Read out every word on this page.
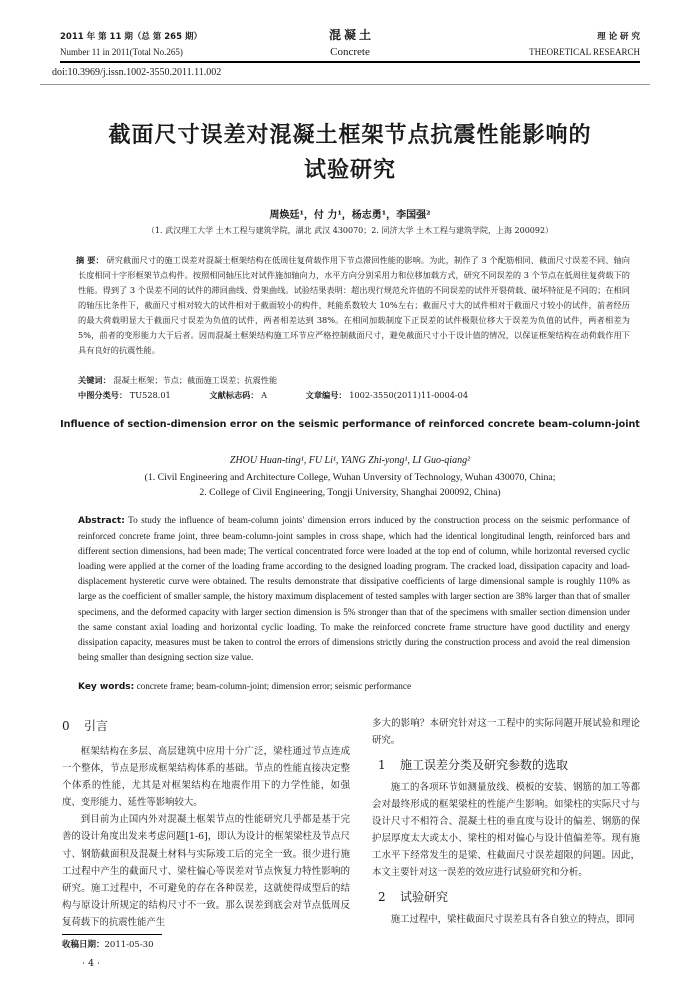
2011 年 第 11 期（总 第 265 期）
Number 11 in 2011(Total No.265)
混 凝 土
Concrete
理 论 研 究
THEORETICAL RESEARCH
doi:10.3969/j.issn.1002-3550.2011.11.002
截面尺寸误差对混凝土框架节点抗震性能影响的
试验研究
周焕廷¹，付 力¹，杨志勇¹，李国强²
（1. 武汉理工大学 土木工程与建筑学院，湖北 武汉 430070；2. 同济大学 土木工程与建筑学院，上海 200092）
摘 要： 研究截面尺寸的施工误差对混凝土框架结构在低周往复荷载作用下节点滞回性能的影响。为此，制作了 3 个配筋相同、截面尺寸误差不同、轴向长度相同十字形框架节点构件。按照相同轴压比对试件施加轴向力，水平方向分别采用力和位移加载方式，研究不同误差的 3 个节点在低周往复荷载下的性能。得到了 3 个误差不同的试件的滞回曲线、骨架曲线。试验结果表明：超出现行规范允许值的不同误差的试件开裂荷载、破坏特征是不同的；在相同的轴压比条件下，截面尺寸相对较大的试件相对于截面较小的构件，耗能系数较大 10%左右；截面尺寸大的试件相对于截面尺寸较小的试件，前者经历的最大荷载明显大于截面尺寸误差为负值的试件，两者相差达到 38%。在相同加载制度下正误差的试件极限位移大于误差为负值的试件，两者相差为 5%，前者的变形能力大于后者。因而混凝土框架结构施工环节应严格控制截面尺寸，避免截面尺寸小于设计值的情况，以保证框架结构在动荷载作用下具有良好的抗震性能。
关键词： 混凝土框架；节点；截面施工误差；抗震性能
中图分类号： TU528.01	文献标志码： A	文章编号： 1002-3550(2011)11-0004-04
Influence of section-dimension error on the seismic performance of reinforced concrete beam-column-joint
ZHOU Huan-ting¹, FU Li¹, YANG Zhi-yong¹, LI Guo-qiang²
(1. Civil Engineering and Architecture College, Wuhan Unversity of Technology, Wuhan 430070, China;
2. College of Civil Engineering, Tongji University, Shanghai 200092, China)
Abstract: To study the influence of beam-column joints' dimension errors induced by the construction process on the seismic performance of reinforced concrete frame joint, three beam-column-joint samples in cross shape, which had the identical longitudinal length, reinforced bars and different section dimensions, had been made; The vertical concentrated force were loaded at the top end of column, while horizontal reversed cyclic loading were applied at the corner of the loading frame according to the designed loading program. The cracked load, dissipation capacity and load-displacement hysteretic curve were obtained. The results demonstrate that dissipative coefficients of large dimensional sample is roughly 110% as large as the coefficient of smaller sample, the history maximum displacement of tested samples with larger section are 38% larger than that of smaller specimens, and the deformed capacity with larger section dimension is 5% stronger than that of the specimens with smaller section dimension under the same constant axial loading and horizontal cyclic loading. To make the reinforced concrete frame structure have good ductility and energy dissipation capacity, measures must be taken to control the errors of dimensions strictly during the construction process and avoid the real dimension being smaller than designing section size value.
Key words: concrete frame; beam-column-joint; dimension error; seismic performance
0 引言

框架结构在多层、高层建筑中应用十分广泛，梁柱通过节点连成一个整体，节点是形成框架结构体系的基础。节点的性能直接决定整个体系的性能，尤其是对框架结构在地震作用下的力学性能，如强度、变形能力、延性等影响较大。

到目前为止国内外对混凝土框架节点的性能研究几乎都是基于完善的设计角度出发来考虑问题[1-6]，即认为设计的框架梁柱及节点尺寸、钢筋截面积及混凝土材料与实际竣工后的完全一致。很少进行施工过程中产生的截面尺寸、梁柱偏心等误差对节点恢复力特性影响的研究。施工过程中，不可避免的存在各种误差，这就使得成型后的结构与原设计所规定的结构尺寸不一致。那么误差到底会对节点低周反复荷载下的抗震性能产生

收稿日期：2011-05-30
· 4 ·

多大的影响？本研究针对这一工程中的实际问题开展试验和理论研究。

1 施工误差分类及研究参数的选取

施工的各项环节如测量放线、模板的安装、钢筋的加工等都会对最终形成的框架梁柱的性能产生影响。如梁柱的实际尺寸与设计尺寸不相符合、混凝土柱的垂直度与设计的偏差、钢筋的保护层厚度太大或太小、梁柱的相对偏心与设计值偏差等。现有施工水平下经常发生的是梁、柱截面尺寸误差超限的问题。因此，本文主要针对这一误差的效应进行试验研究和分析。

2 试验研究

施工过程中，梁柱截面尺寸误差具有各自独立的特点，即同
